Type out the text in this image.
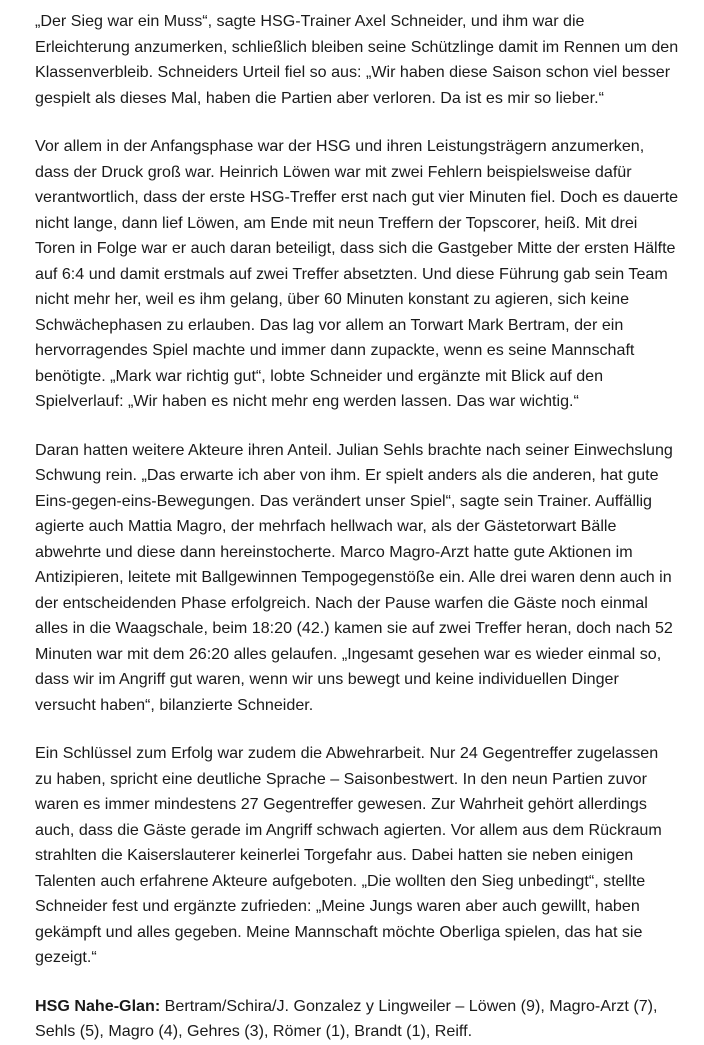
„Der Sieg war ein Muss“, sagte HSG-Trainer Axel Schneider, und ihm war die
Erleichterung anzumerken, schließlich bleiben seine Schützlinge damit im Rennen um den
Klassenverbleib. Schneiders Urteil fiel so aus: „Wir haben diese Saison schon viel besser
gespielt als dieses Mal, haben die Partien aber verloren. Da ist es mir so lieber.“

Vor allem in der Anfangsphase war der HSG und ihren Leistungsträgern anzumerken,
dass der Druck groß war. Heinrich Löwen war mit zwei Fehlern beispielsweise dafür
verantwortlich, dass der erste HSG-Treffer erst nach gut vier Minuten fiel. Doch es dauerte
nicht lange, dann lief Löwen, am Ende mit neun Treffern der Topscorer, heiß. Mit drei
Toren in Folge war er auch daran beteiligt, dass sich die Gastgeber Mitte der ersten Hälfte
auf 6:4 und damit erstmals auf zwei Treffer absetzten. Und diese Führung gab sein Team
nicht mehr her, weil es ihm gelang, über 60 Minuten konstant zu agieren, sich keine
Schwächephasen zu erlauben. Das lag vor allem an Torwart Mark Bertram, der ein
hervorragendes Spiel machte und immer dann zupackte, wenn es seine Mannschaft
benötigte. „Mark war richtig gut“, lobte Schneider und ergänzte mit Blick auf den
Spielverlauf: „Wir haben es nicht mehr eng werden lassen. Das war wichtig.“

Daran hatten weitere Akteure ihren Anteil. Julian Sehls brachte nach seiner Einwechslung
Schwung rein. „Das erwarte ich aber von ihm. Er spielt anders als die anderen, hat gute
Eins-gegen-eins-Bewegungen. Das verändert unser Spiel“, sagte sein Trainer. Auffällig
agierte auch Mattia Magro, der mehrfach hellwach war, als der Gästetorwart Bälle
abwehrte und diese dann hereinstocherte. Marco Magro-Arzt hatte gute Aktionen im
Antizipieren, leitete mit Ballgewinnen Tempogegenstöße ein. Alle drei waren denn auch in
der entscheidenden Phase erfolgreich. Nach der Pause warfen die Gäste noch einmal
alles in die Waagschale, beim 18:20 (42.) kamen sie auf zwei Treffer heran, doch nach 52
Minuten war mit dem 26:20 alles gelaufen. „Ingesamt gesehen war es wieder einmal so,
dass wir im Angriff gut waren, wenn wir uns bewegt und keine individuellen Dinger
versucht haben“, bilanzierte Schneider.

Ein Schlüssel zum Erfolg war zudem die Abwehrarbeit. Nur 24 Gegentreffer zugelassen
zu haben, spricht eine deutliche Sprache – Saisonbestwert. In den neun Partien zuvor
waren es immer mindestens 27 Gegentreffer gewesen. Zur Wahrheit gehört allerdings
auch, dass die Gäste gerade im Angriff schwach agierten. Vor allem aus dem Rückraum
strahlten die Kaiserslauterer keinerlei Torgefahr aus. Dabei hatten sie neben einigen
Talenten auch erfahrene Akteure aufgeboten. „Die wollten den Sieg unbedingt“, stellte
Schneider fest und ergänzte zufrieden: „Meine Jungs waren aber auch gewillt, haben
gekämpft und alles gegeben. Meine Mannschaft möchte Oberliga spielen, das hat sie
gezeigt.“

HSG Nahe-Glan: Bertram/Schira/J. Gonzalez y Lingweiler – Löwen (9), Magro-Arzt (7),
Sehls (5), Magro (4), Gehres (3), Römer (1), Brandt (1), Reiff.
